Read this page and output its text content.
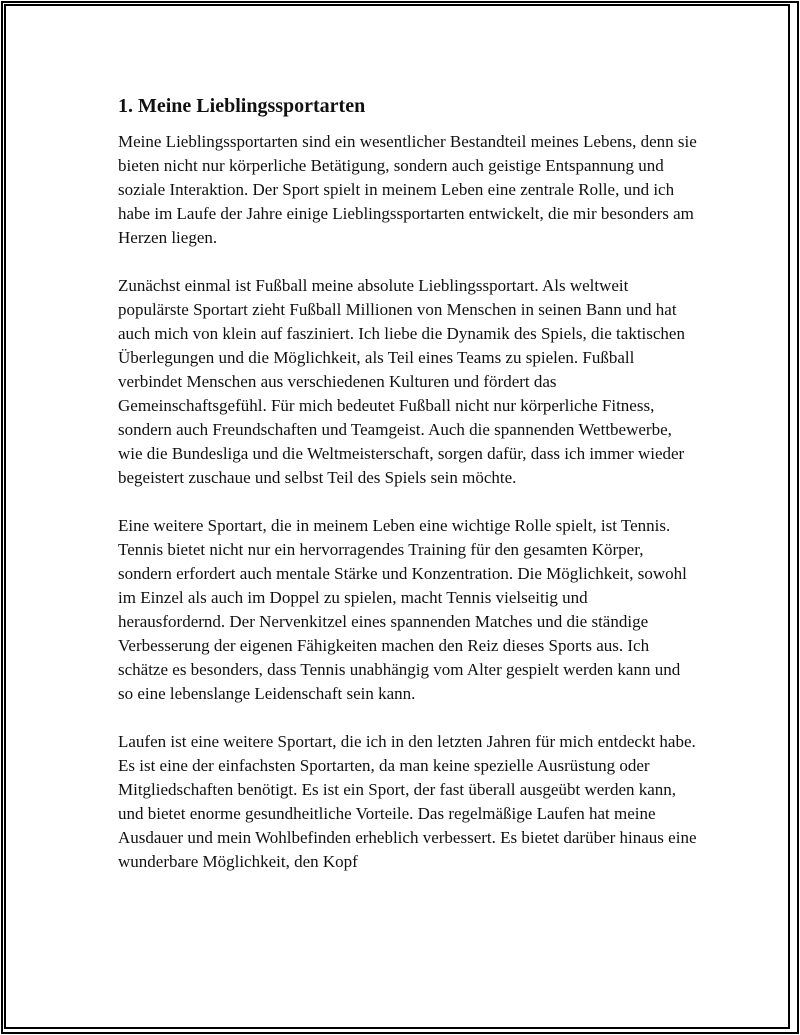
1. Meine Lieblingssportarten

Meine Lieblingssportarten sind ein wesentlicher Bestandteil meines Lebens, denn sie bieten nicht nur körperliche Betätigung, sondern auch geistige Entspannung und soziale Interaktion. Der Sport spielt in meinem Leben eine zentrale Rolle, und ich habe im Laufe der Jahre einige Lieblingssportarten entwickelt, die mir besonders am Herzen liegen.

Zunächst einmal ist Fußball meine absolute Lieblingssportart. Als weltweit populärste Sportart zieht Fußball Millionen von Menschen in seinen Bann und hat auch mich von klein auf fasziniert. Ich liebe die Dynamik des Spiels, die taktischen Überlegungen und die Möglichkeit, als Teil eines Teams zu spielen. Fußball verbindet Menschen aus verschiedenen Kulturen und fördert das Gemeinschaftsgefühl. Für mich bedeutet Fußball nicht nur körperliche Fitness, sondern auch Freundschaften und Teamgeist. Auch die spannenden Wettbewerbe, wie die Bundesliga und die Weltmeisterschaft, sorgen dafür, dass ich immer wieder begeistert zuschaue und selbst Teil des Spiels sein möchte.

Eine weitere Sportart, die in meinem Leben eine wichtige Rolle spielt, ist Tennis. Tennis bietet nicht nur ein hervorragendes Training für den gesamten Körper, sondern erfordert auch mentale Stärke und Konzentration. Die Möglichkeit, sowohl im Einzel als auch im Doppel zu spielen, macht Tennis vielseitig und herausfordernd. Der Nervenkitzel eines spannenden Matches und die ständige Verbesserung der eigenen Fähigkeiten machen den Reiz dieses Sports aus. Ich schätze es besonders, dass Tennis unabhängig vom Alter gespielt werden kann und so eine lebenslange Leidenschaft sein kann.

Laufen ist eine weitere Sportart, die ich in den letzten Jahren für mich entdeckt habe. Es ist eine der einfachsten Sportarten, da man keine spezielle Ausrüstung oder Mitgliedschaften benötigt. Es ist ein Sport, der fast überall ausgeübt werden kann, und bietet enorme gesundheitliche Vorteile. Das regelmäßige Laufen hat meine Ausdauer und mein Wohlbefinden erheblich verbessert. Es bietet darüber hinaus eine wunderbare Möglichkeit, den Kopf
